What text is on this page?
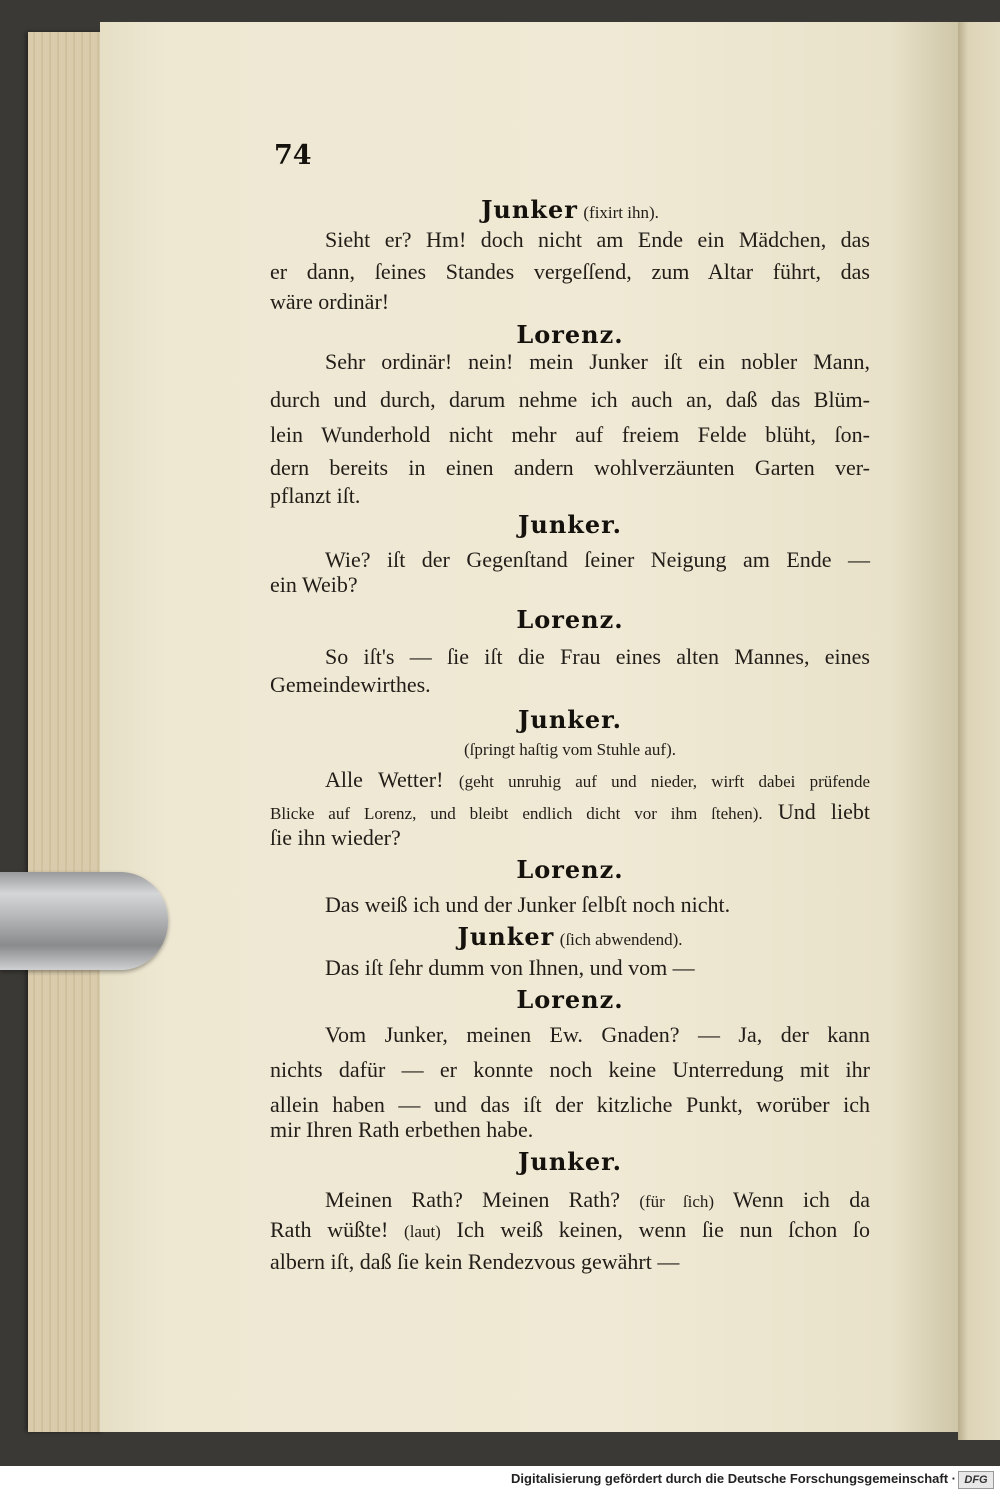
74
Junker (fixirt ihn).
Sieht er? Hm! doch nicht am Ende ein Mädchen, das
er dann, ſeines Standes vergeſſend, zum Altar führt, das
wäre ordinär!
Lorenz.
Sehr ordinär! nein! mein Junker iſt ein nobler Mann,
durch und durch, darum nehme ich auch an, daß das Blüm-
lein Wunderhold nicht mehr auf freiem Felde blüht, ſon-
dern bereits in einen andern wohlverzäunten Garten ver-
pflanzt iſt.
Junker.
Wie? iſt der Gegenſtand ſeiner Neigung am Ende —
ein Weib?
Lorenz.
So iſt's — ſie iſt die Frau eines alten Mannes, eines
Gemeindewirthes.
Junker.
(ſpringt haſtig vom Stuhle auf).
Alle Wetter! (geht unruhig auf und nieder, wirft dabei prüfende
Blicke auf Lorenz, und bleibt endlich dicht vor ihm ſtehen). Und liebt
ſie ihn wieder?
Lorenz.
Das weiß ich und der Junker ſelbſt noch nicht.
Junker (ſich abwendend).
Das iſt ſehr dumm von Ihnen, und vom —
Lorenz.
Vom Junker, meinen Ew. Gnaden? — Ja, der kann
nichts dafür — er konnte noch keine Unterredung mit ihr
allein haben — und das iſt der kitzliche Punkt, worüber ich
mir Ihren Rath erbethen habe.
Junker.
Meinen Rath? Meinen Rath? (für ſich) Wenn ich da
Rath wüßte! (laut) Ich weiß keinen, wenn ſie nun ſchon ſo
albern iſt, daß ſie kein Rendezvous gewährt —
Digitalisierung gefördert durch die Deutsche Forschungsgemeinschaft · DFG
